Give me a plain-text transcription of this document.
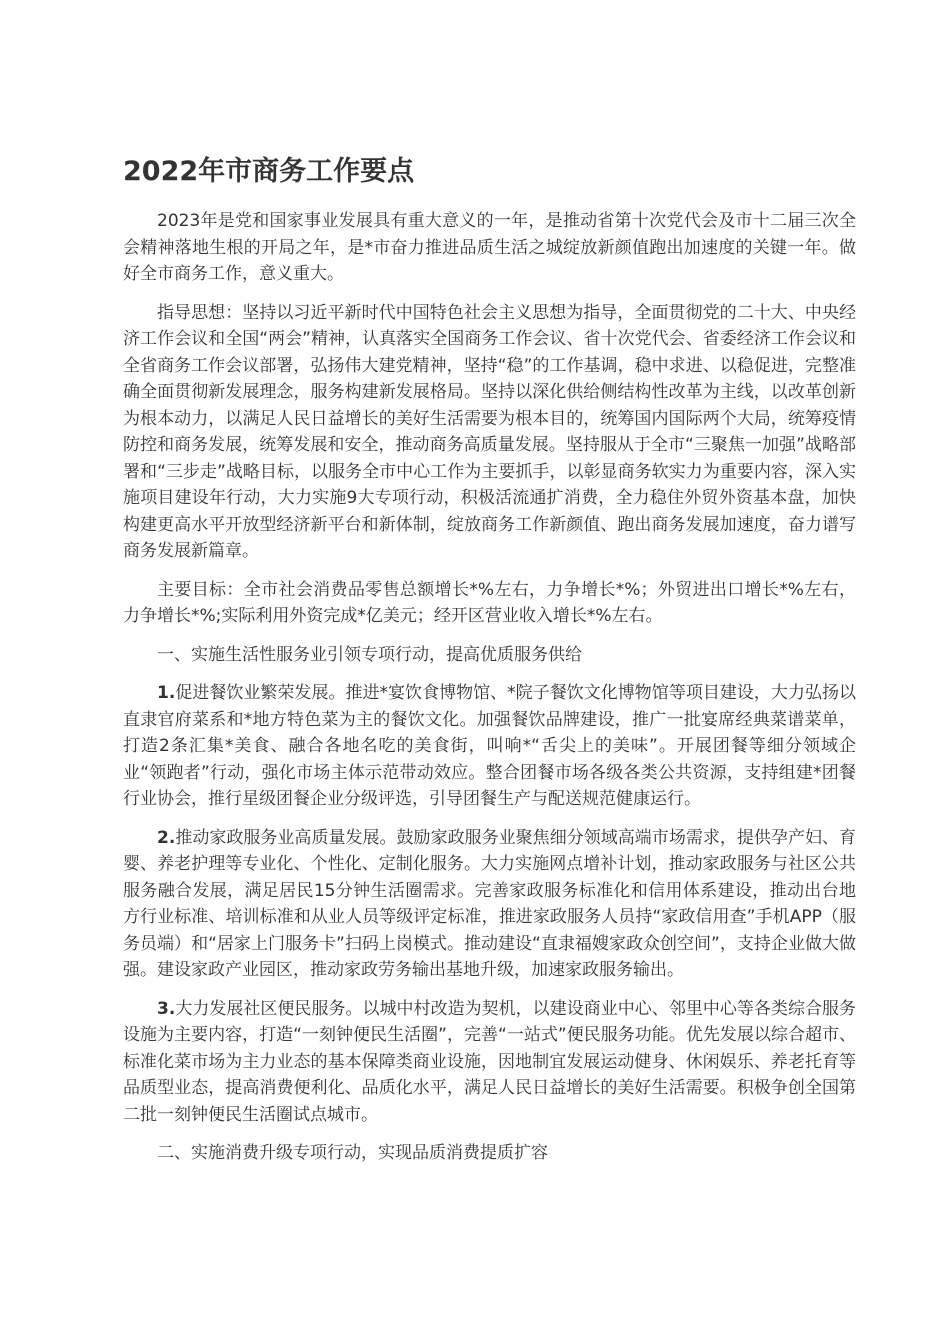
2022年市商务工作要点

2023年是党和国家事业发展具有重大意义的一年，是推动省第十次党代会及市十二届三次全会精神落地生根的开局之年，是*市奋力推进品质生活之城绽放新颜值跑出加速度的关键一年。做好全市商务工作，意义重大。

指导思想：坚持以习近平新时代中国特色社会主义思想为指导，全面贯彻党的二十大、中央经济工作会议和全国“两会”精神，认真落实全国商务工作会议、省十次党代会、省委经济工作会议和全省商务工作会议部署，弘扬伟大建党精神，坚持“稳”的工作基调，稳中求进、以稳促进，完整准确全面贯彻新发展理念，服务构建新发展格局。坚持以深化供给侧结构性改革为主线，以改革创新为根本动力，以满足人民日益增长的美好生活需要为根本目的，统筹国内国际两个大局，统筹疫情防控和商务发展，统筹发展和安全，推动商务高质量发展。坚持服从于全市“三聚焦一加强”战略部署和“三步走”战略目标，以服务全市中心工作为主要抓手，以彰显商务软实力为重要内容，深入实施项目建设年行动，大力实施9大专项行动，积极活流通扩消费，全力稳住外贸外资基本盘，加快构建更高水平开放型经济新平台和新体制，绽放商务工作新颜值、跑出商务发展加速度，奋力谱写商务发展新篇章。

主要目标：全市社会消费品零售总额增长*%左右，力争增长*%；外贸进出口增长*%左右，力争增长*%;实际利用外资完成*亿美元；经开区营业收入增长*%左右。

一、实施生活性服务业引领专项行动，提高优质服务供给

1.促进餐饮业繁荣发展。推进*宴饮食博物馆、*院子餐饮文化博物馆等项目建设，大力弘扬以直隶官府菜系和*地方特色菜为主的餐饮文化。加强餐饮品牌建设，推广一批宴席经典菜谱菜单，打造2条汇集*美食、融合各地名吃的美食街，叫响*“舌尖上的美味”。开展团餐等细分领域企业“领跑者”行动，强化市场主体示范带动效应。整合团餐市场各级各类公共资源，支持组建*团餐行业协会，推行星级团餐企业分级评选，引导团餐生产与配送规范健康运行。

2.推动家政服务业高质量发展。鼓励家政服务业聚焦细分领域高端市场需求，提供孕产妇、育婴、养老护理等专业化、个性化、定制化服务。大力实施网点增补计划，推动家政服务与社区公共服务融合发展，满足居民15分钟生活圈需求。完善家政服务标准化和信用体系建设，推动出台地方行业标准、培训标准和从业人员等级评定标准，推进家政服务人员持“家政信用查”手机APP（服务员端）和“居家上门服务卡”扫码上岗模式。推动建设“直隶福嫂家政众创空间”，支持企业做大做强。建设家政产业园区，推动家政劳务输出基地升级，加速家政服务输出。

3.大力发展社区便民服务。以城中村改造为契机，以建设商业中心、邻里中心等各类综合服务设施为主要内容，打造“一刻钟便民生活圈”，完善“一站式”便民服务功能。优先发展以综合超市、标准化菜市场为主力业态的基本保障类商业设施，因地制宜发展运动健身、休闲娱乐、养老托育等品质型业态，提高消费便利化、品质化水平，满足人民日益增长的美好生活需要。积极争创全国第二批一刻钟便民生活圈试点城市。

二、实施消费升级专项行动，实现品质消费提质扩容
